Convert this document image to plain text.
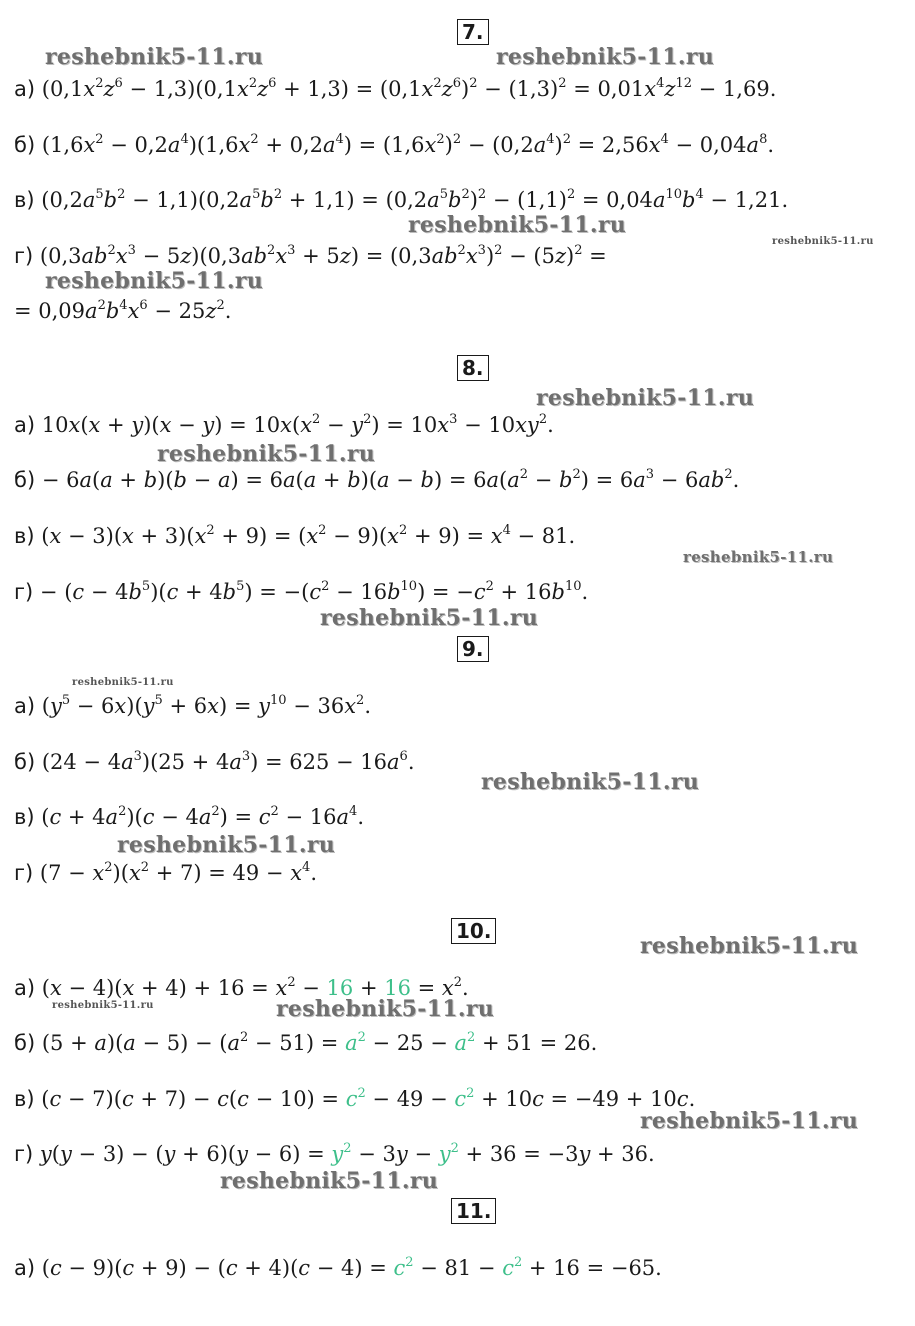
7.
а) $(0,1x^2z^6 - 1,3)(0,1x^2z^6 + 1,3) = (0,1x^2z^6)^2 - (1,3)^2 = 0,01x^4z^{12} - 1,69$.
б) $(1,6x^2 - 0,2a^4)(1,6x^2 + 0,2a^4) = (1,6x^2)^2 - (0,2a^4)^2 = 2,56x^4 - 0,04a^8$.
в) $(0,2a^5b^2 - 1,1)(0,2a^5b^2 + 1,1) = (0,2a^5b^2)^2 - (1,1)^2 = 0,04a^{10}b^4 - 1,21$.
г) $(0,3ab^2x^3 - 5z)(0,3ab^2x^3 + 5z) = (0,3ab^2x^3)^2 - (5z)^2$ =
= $0,09a^2b^4x^6 - 25z^2$.
8.
а) $10x(x + y)(x - y) = 10x(x^2 - y^2) = 10x^3 - 10xy^2$.
$б) - 6a(a + b)(b - a) = 6a(a + b)(a - b) = 6a(a^2 - b^2) = 6a^3 - 6ab^2$.
в) $(x - 3)(x + 3)(x^2 + 9) = (x^2 - 9)(x^2 + 9) = x^4 - 81$.
$г) - (c - 4b^5)(c + 4b^5) = -(c^2 - 16b^{10}) = -c^2 + 16b^{10}$.
9.
а) $(y^5 - 6x)(y^5 + 6x) = y^{10} - 36x^2$.
б) $(24 - 4a^3)(25 + 4a^3) = 625 - 16a^6$.
в) $(c + 4a^2)(c - 4a^2) = c^2 - 16a^4$.
г) $(7 - x^2)(x^2 + 7) = 49 - x^4$.
10.
а) $(x - 4)(x + 4) + 16 = x^2 - 16 + 16 = x^2$.
б) $(5 + a)(a - 5) - (a^2 - 51) = a^2 - 25 - a^2 + 51 = 26$.
в) $(c - 7)(c + 7) - c(c - 10) = c^2 - 49 - c^2 + 10c = -49 + 10c$.
г) $y(y - 3) - (y + 6)(y - 6) = y^2 - 3y - y^2 + 36 = -3y + 36$.
11.
а) $(c - 9)(c + 9) - (c + 4)(c - 4) = c^2 - 81 - c^2 + 16 = -65$.
reshebnik5-11.ru	reshebnik5-11.ru
reshebnik5-11.ru
reshebnik5-11.ru
reshebnik5-11.ru
reshebnik5-11.ru
reshebnik5-11.ru
reshebnik5-11.ru
reshebnik5-11.ru
reshebnik5-11.ru
reshebnik5-11.ru
reshebnik5-11.ru
reshebnik5-11.ru
reshebnik5-11.ru	reshebnik5-11.ru
reshebnik5-11.ru
reshebnik5-11.ru
